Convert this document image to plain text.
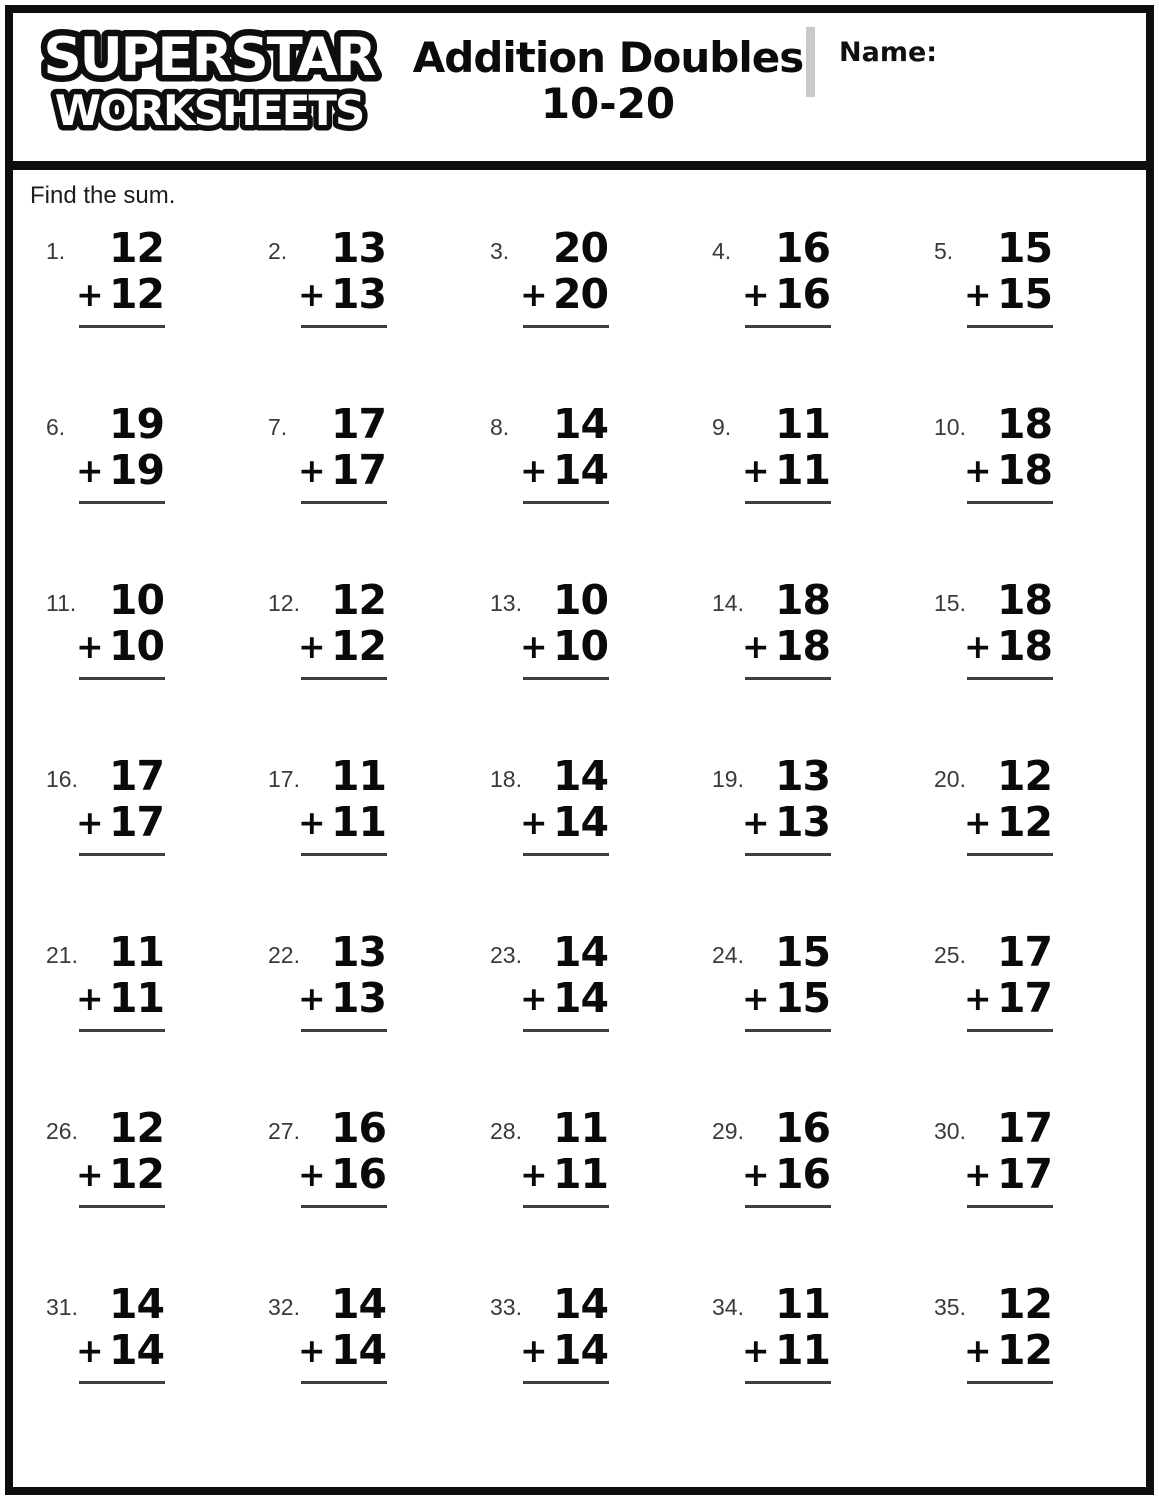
SUPERSTAR
WORKSHEETS
Addition Doubles
10-20
Name:

Find the sum.

1. 12
+ 12
2. 13
+ 13
3. 20
+ 20
4. 16
+ 16
5. 15
+ 15
6. 19
+ 19
7. 17
+ 17
8. 14
+ 14
9. 11
+ 11
10. 18
+ 18
11. 10
+ 10
12. 12
+ 12
13. 10
+ 10
14. 18
+ 18
15. 18
+ 18
16. 17
+ 17
17. 11
+ 11
18. 14
+ 14
19. 13
+ 13
20. 12
+ 12
21. 11
+ 11
22. 13
+ 13
23. 14
+ 14
24. 15
+ 15
25. 17
+ 17
26. 12
+ 12
27. 16
+ 16
28. 11
+ 11
29. 16
+ 16
30. 17
+ 17
31. 14
+ 14
32. 14
+ 14
33. 14
+ 14
34. 11
+ 11
35. 12
+ 12
